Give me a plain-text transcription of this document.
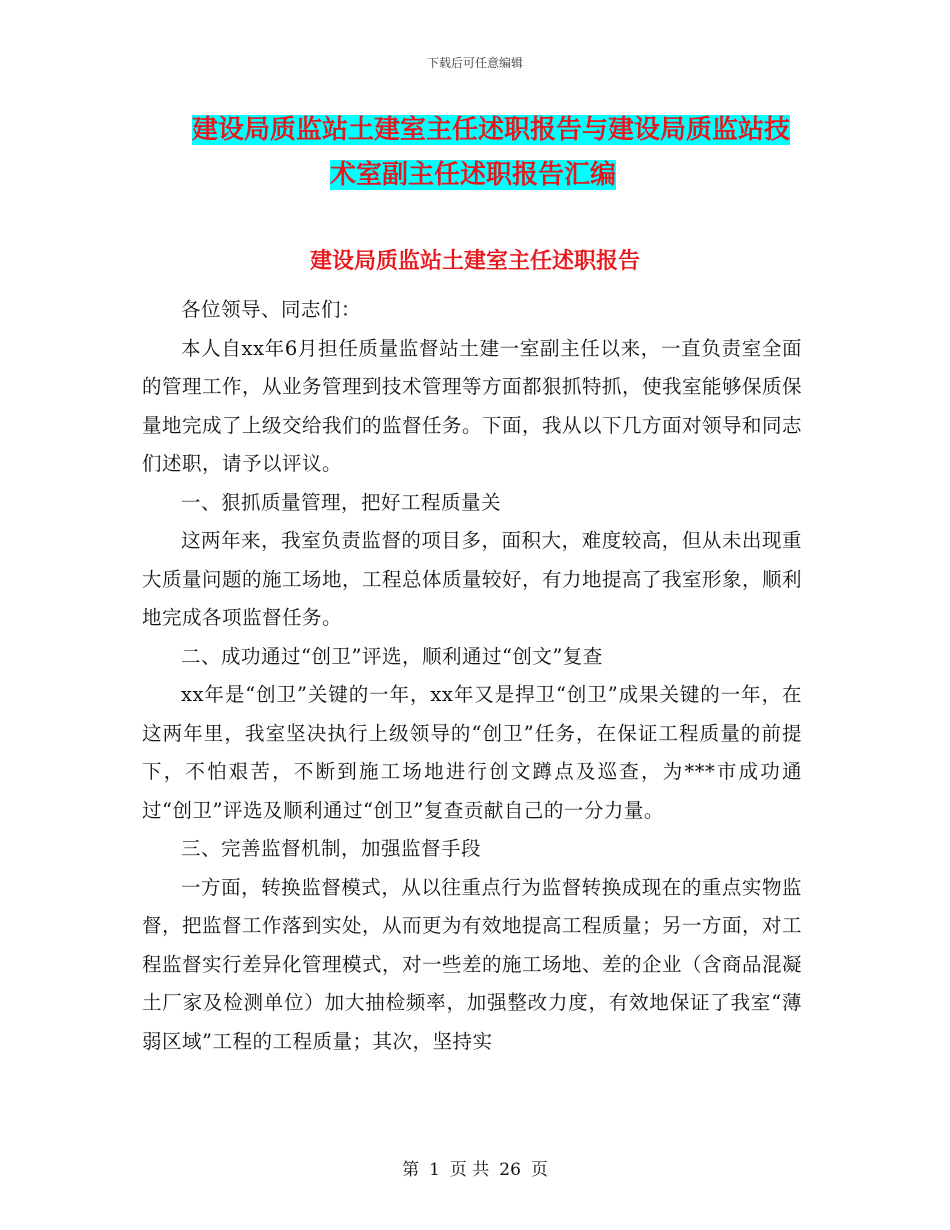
下载后可任意编辑
建设局质监站土建室主任述职报告与建设局质监站技
术室副主任述职报告汇编
建设局质监站土建室主任述职报告

各位领导、同志们：

本人自xx年6月担任质量监督站土建一室副主任以来，一直负责室全面的管理工作，从业务管理到技术管理等方面都狠抓特抓，使我室能够保质保量地完成了上级交给我们的监督任务。下面，我从以下几方面对领导和同志们述职，请予以评议。

一、狠抓质量管理，把好工程质量关

这两年来，我室负责监督的项目多，面积大，难度较高，但从未出现重大质量问题的施工场地，工程总体质量较好，有力地提高了我室形象，顺利地完成各项监督任务。

二、成功通过“创卫”评选，顺利通过“创文”复查

xx年是“创卫”关键的一年，xx年又是捍卫“创卫”成果关键的一年，在这两年里，我室坚决执行上级领导的“创卫”任务，在保证工程质量的前提下，不怕艰苦，不断到施工场地进行创文蹲点及巡查，为***市成功通过“创卫”评选及顺利通过“创卫”复查贡献自己的一分力量。

三、完善监督机制，加强监督手段

一方面，转换监督模式，从以往重点行为监督转换成现在的重点实物监督，把监督工作落到实处，从而更为有效地提高工程质量；另一方面，对工程监督实行差异化管理模式，对一些差的施工场地、差的企业（含商品混凝土厂家及检测单位）加大抽检频率，加强整改力度，有效地保证了我室“薄弱区域”工程的工程质量；其次，坚持实

第 1 页 共 26 页
